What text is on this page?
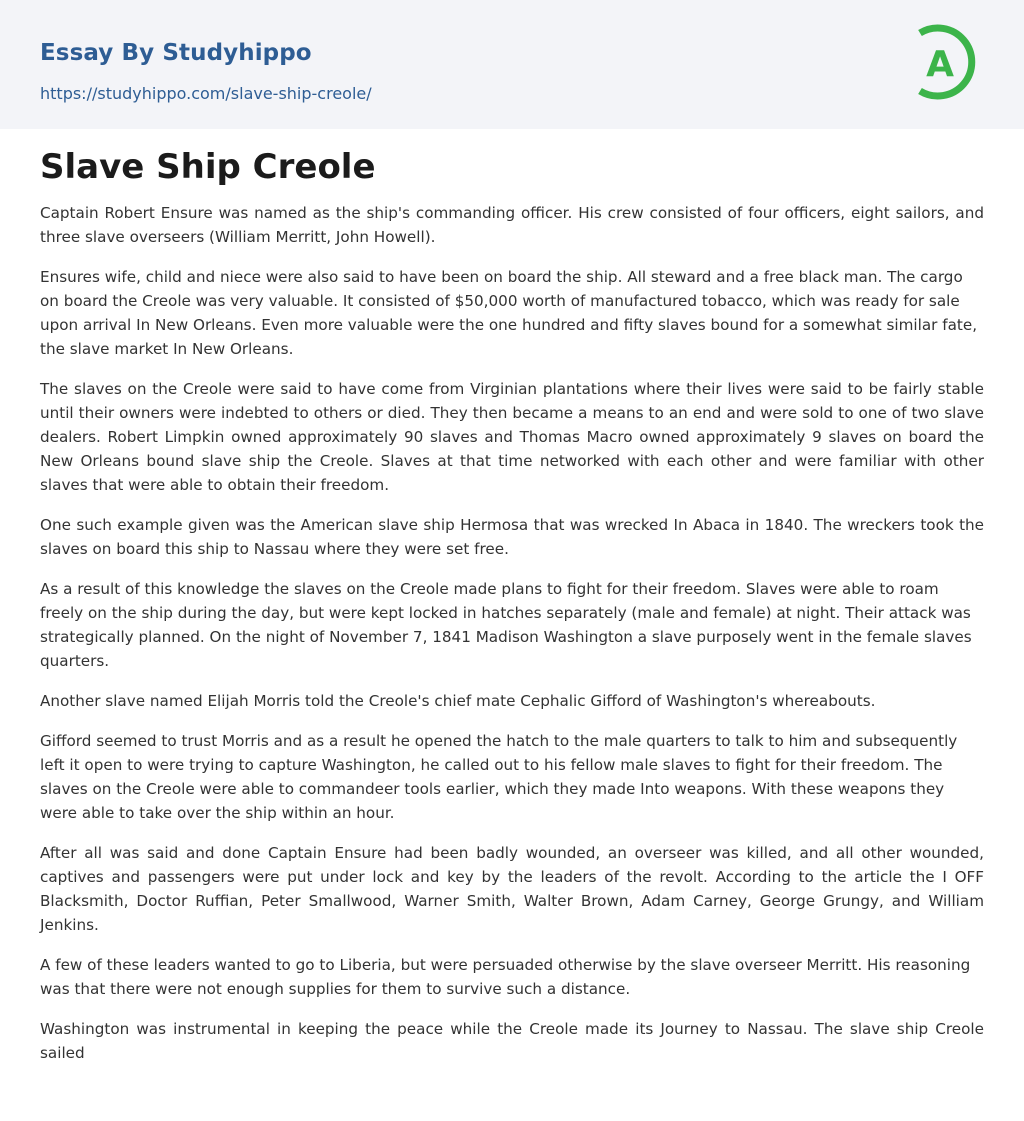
Essay By Studyhippo
https://studyhippo.com/slave-ship-creole/
A
Slave Ship Creole

Captain Robert Ensure was named as the ship's commanding officer. His crew consisted of four officers, eight sailors, and three slave overseers (William Merritt, John Howell).

Ensures wife, child and niece were also said to have been on board the ship. All steward and a free black man. The cargo on board the Creole was very valuable. It consisted of $50,000 worth of manufactured tobacco, which was ready for sale upon arrival In New Orleans. Even more valuable were the one hundred and fifty slaves bound for a somewhat similar fate, the slave market In New Orleans.

The slaves on the Creole were said to have come from Virginian plantations where their lives were said to be fairly stable until their owners were indebted to others or died. They then became a means to an end and were sold to one of two slave dealers. Robert Limpkin owned approximately 90 slaves and Thomas Macro owned approximately 9 slaves on board the New Orleans bound slave ship the Creole. Slaves at that time networked with each other and were familiar with other slaves that were able to obtain their freedom.

One such example given was the American slave ship Hermosa that was wrecked In Abaca in 1840. The wreckers took the slaves on board this ship to Nassau where they were set free.

As a result of this knowledge the slaves on the Creole made plans to fight for their freedom. Slaves were able to roam freely on the ship during the day, but were kept locked in hatches separately (male and female) at night. Their attack was strategically planned. On the night of November 7, 1841 Madison Washington a slave purposely went in the female slaves quarters.

Another slave named Elijah Morris told the Creole's chief mate Cephalic Gifford of Washington's whereabouts.

Gifford seemed to trust Morris and as a result he opened the hatch to the male quarters to talk to him and subsequently left it open to were trying to capture Washington, he called out to his fellow male slaves to fight for their freedom. The slaves on the Creole were able to commandeer tools earlier, which they made Into weapons. With these weapons they were able to take over the ship within an hour.

After all was said and done Captain Ensure had been badly wounded, an overseer was killed, and all other wounded, captives and passengers were put under lock and key by the leaders of the revolt. According to the article the I OFF Blacksmith, Doctor Ruffian, Peter Smallwood, Warner Smith, Walter Brown, Adam Carney, George Grungy, and William Jenkins.

A few of these leaders wanted to go to Liberia, but were persuaded otherwise by the slave overseer Merritt. His reasoning was that there were not enough supplies for them to survive such a distance.

Washington was instrumental in keeping the peace while the Creole made its Journey to Nassau. The slave ship Creole sailed
